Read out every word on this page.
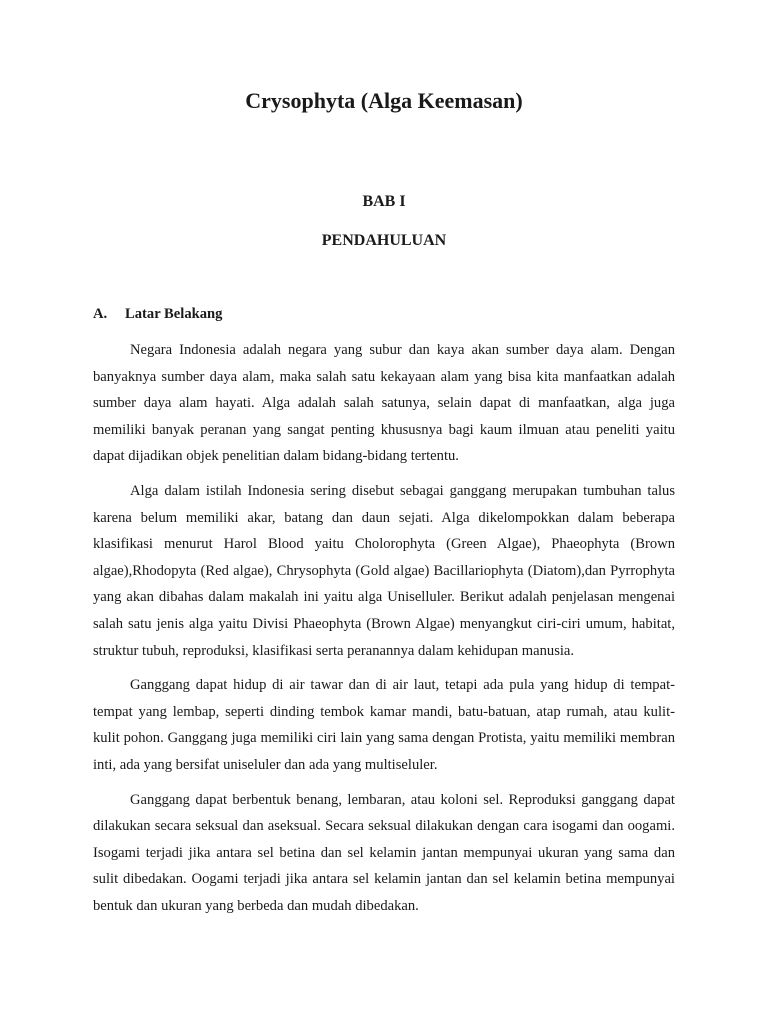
Crysophyta (Alga Keemasan)
BAB I
PENDAHULUAN
A.	Latar Belakang

Negara Indonesia adalah negara yang subur dan kaya akan sumber daya alam. Dengan banyaknya sumber daya alam, maka salah satu kekayaan alam yang bisa kita manfaatkan adalah sumber daya alam hayati. Alga adalah salah satunya, selain dapat di manfaatkan, alga juga memiliki banyak peranan yang sangat penting khususnya bagi kaum ilmuan atau peneliti yaitu dapat dijadikan objek penelitian dalam bidang-bidang tertentu.

Alga dalam istilah Indonesia sering disebut sebagai ganggang merupakan tumbuhan talus karena belum memiliki akar, batang dan daun sejati. Alga dikelompokkan dalam beberapa klasifikasi menurut Harol Blood yaitu Cholorophyta (Green Algae), Phaeophyta (Brown algae),Rhodopyta (Red algae), Chrysophyta (Gold algae) Bacillariophyta (Diatom),dan Pyrrophyta yang akan dibahas dalam makalah ini yaitu alga Uniselluler. Berikut adalah penjelasan mengenai salah satu jenis alga yaitu Divisi Phaeophyta (Brown Algae) menyangkut ciri-ciri umum, habitat, struktur tubuh, reproduksi, klasifikasi serta peranannya dalam kehidupan manusia.

Ganggang dapat hidup di air tawar dan di air laut, tetapi ada pula yang hidup di tempat-tempat yang lembap, seperti dinding tembok kamar mandi, batu-batuan, atap rumah, atau kulit-kulit pohon. Ganggang juga memiliki ciri lain yang sama dengan Protista, yaitu memiliki membran inti, ada yang bersifat uniseluler dan ada yang multiseluler.

Ganggang dapat berbentuk benang, lembaran, atau koloni sel. Reproduksi ganggang dapat dilakukan secara seksual dan aseksual. Secara seksual dilakukan dengan cara isogami dan oogami. Isogami terjadi jika antara sel betina dan sel kelamin jantan mempunyai ukuran yang sama dan sulit dibedakan. Oogami terjadi jika antara sel kelamin jantan dan sel kelamin betina mempunyai bentuk dan ukuran yang berbeda dan mudah dibedakan.
